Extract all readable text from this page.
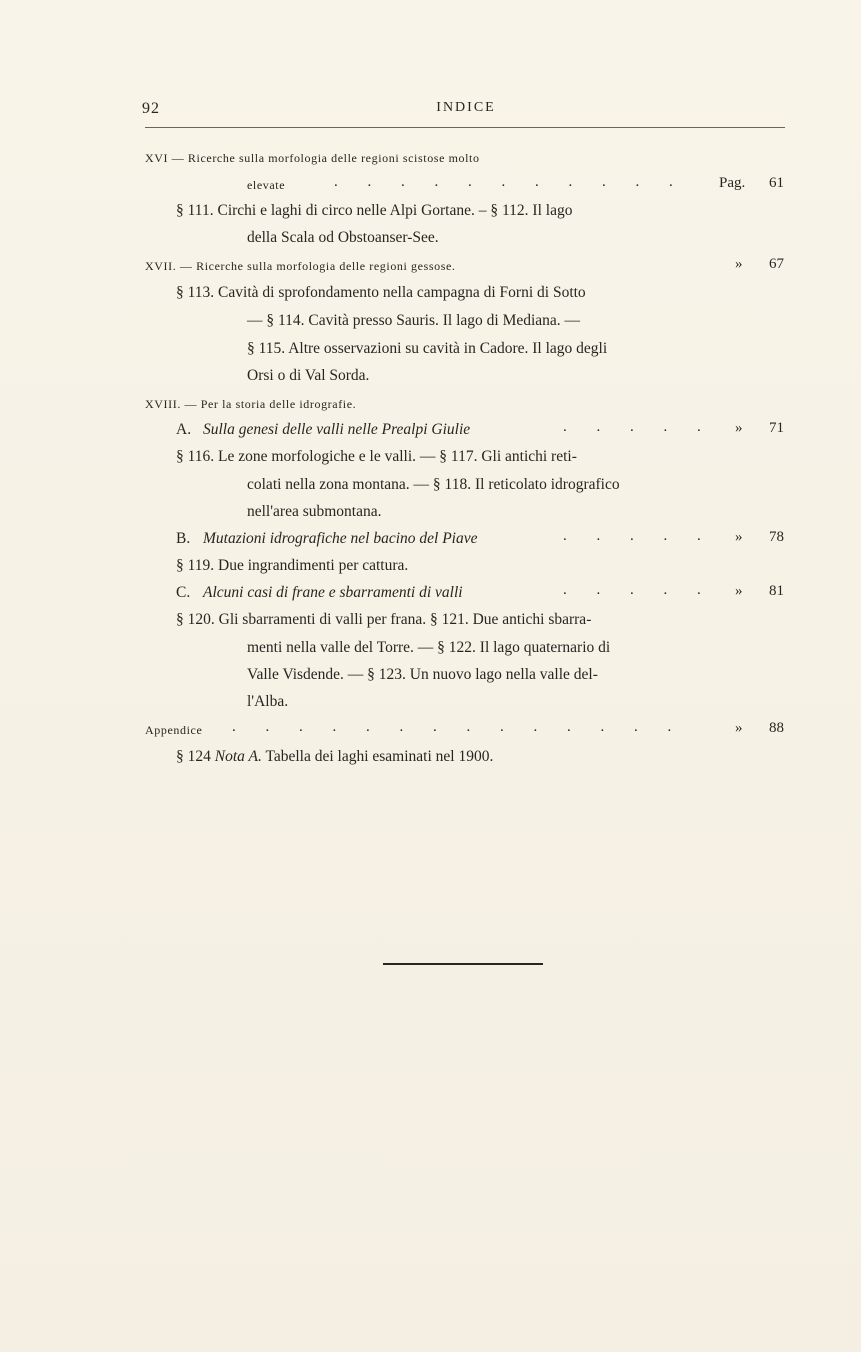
92	INDICE
XVI — Ricerche sulla morfologia delle regioni scistose molto
elevate	. . . . . . . . . . . Pag. 61
§ 111. Circhi e laghi di circo nelle Alpi Gortane. – § 112. Il lago
della Scala od Obstoanser-See.
XVII. — Ricerche sulla morfologia delle regioni gessose.	» 67
§ 113. Cavità di sprofondamento nella campagna di Forni di Sotto
— § 114. Cavità presso Sauris. Il lago di Mediana. —
§ 115. Altre osservazioni su cavità in Cadore. Il lago degli
Orsi o di Val Sorda.
XVIII. — Per la storia delle idrografie.
A. Sulla genesi delle valli nelle Prealpi Giulie	. . . . . » 71
§ 116. Le zone morfologiche e le valli. — § 117. Gli antichi reti-
colati nella zona montana. — § 118. Il reticolato idrografico
nell'area submontana.
B. Mutazioni idrografiche nel bacino del Piave	. . . . . » 78
§ 119. Due ingrandimenti per cattura.
C. Alcuni casi di frane e sbarramenti di valli	. . . . . » 81
§ 120. Gli sbarramenti di valli per frana. § 121. Due antichi sbarra-
menti nella valle del Torre. — § 122. Il lago quaternario di
Valle Visdende. — § 123. Un nuovo lago nella valle del-
l'Alba.
Appendice . . . . . . . . . . . . . .	» 88
§ 124 Nota A. Tabella dei laghi esaminati nel 1900.
